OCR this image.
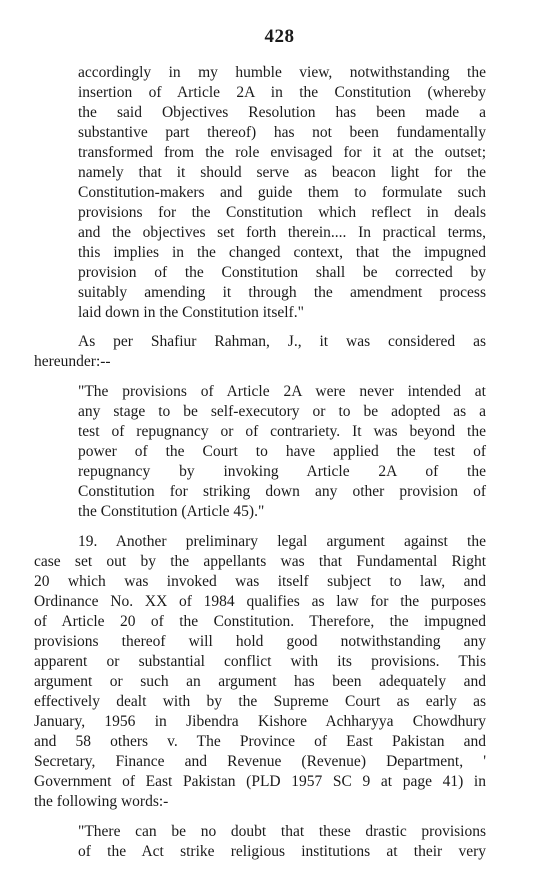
428
accordingly in my humble view, notwithstanding the
insertion of Article 2A in the Constitution (whereby
the said Objectives Resolution has been made a
substantive part thereof) has not been fundamentally
transformed from the role envisaged for it at the outset;
namely that it should serve as beacon light for the
Constitution-makers and guide them to formulate such
provisions for the Constitution which reflect in deals
and the objectives set forth therein.... In practical terms,
this implies in the changed context, that the impugned
provision of the Constitution shall be corrected by
suitably amending it through the amendment process
laid down in the Constitution itself."
As per Shafiur Rahman, J., it was considered as
hereunder:--
"The provisions of Article 2A were never intended at
any stage to be self-executory or to be adopted as a
test of repugnancy or of contrariety. It was beyond the
power of the Court to have applied the test of
repugnancy by invoking Article 2A of the
Constitution for striking down any other provision of
the Constitution (Article 45)."
19. Another preliminary legal argument against the
case set out by the appellants was that Fundamental Right
20 which was invoked was itself subject to law, and
Ordinance No. XX of 1984 qualifies as law for the purposes
of Article 20 of the Constitution. Therefore, the impugned
provisions thereof will hold good notwithstanding any
apparent or substantial conflict with its provisions. This
argument or such an argument has been adequately and
effectively dealt with by the Supreme Court as early as
January, 1956 in Jibendra Kishore Achharyya Chowdhury
and 58 others v. The Province of East Pakistan and
Secretary, Finance and Revenue (Revenue) Department, '
Government of East Pakistan (PLD 1957 SC 9 at page 41) in
the following words:-
"There can be no doubt that these drastic provisions
of the Act strike religious institutions at their very
